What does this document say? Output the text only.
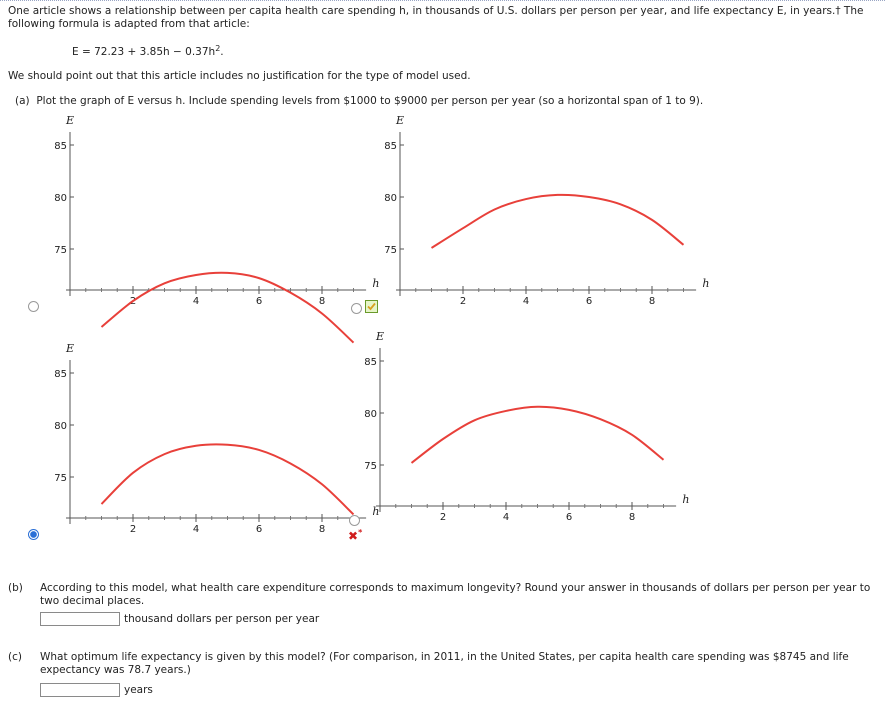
One article shows a relationship between per capita health care spending h, in thousands of U.S. dollars per person per year, and life expectancy E, in years.† The following formula is adapted from that article:
$E = 72.23 + 3.85h - 0.37h^2$.
We should point out that this article includes no justification for the type of model used.
(a) Plot the graph of E versus h. Include spending levels from $1000 to $9000 per person per year (so a horizontal span of 1 to 9).
E
h
75
80
85
2	4	6	8
E
h
75
80
85
2	4	6	8
E
h
75
80
85
2	4	6	8
E
h
75
80
85
2	4	6	8
✖*
(b) According to this model, what health care expenditure corresponds to maximum longevity? Round your answer in thousands of dollars per person per year to two decimal places.
thousand dollars per person per year
(c) What optimum life expectancy is given by this model? (For comparison, in 2011, in the United States, per capita health care spending was $8745 and life expectancy was 78.7 years.)
years
